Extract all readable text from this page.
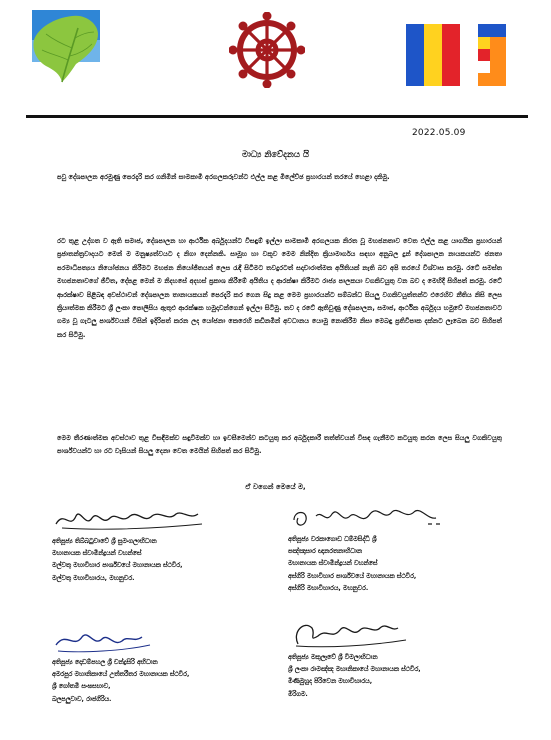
2022.05.09
මාධ්‍ය නිවේදනය යි
පවු දේශපාලන අරමුණු පෙරදැරි කර ගනිමින් සාමකාමී අරගලකරුවන්ට එල්ල කළ මිලේච්ඡ ප්‍රහාරයන් තරයේ හෙළා දකිමු.
රට තුළ උද්ගත ව ඇති සමාජ, දේශපාලන හා ආර්ථික අර්බුදයන්ට විසඳුම් ඉල්ලා සාමකාමී අරගලයක නිරත වූ මහජනතාව වෙත එල්ල කළ යාගයික ප්‍රහාරයන් ප්‍රජාතන්ත්‍රවාදයට මෙන් ම මනුෂ්‍යත්වයට ද නිගා දෙන්නකි. සාමූහ හා වකූව මෙම නින්දිත ක්‍රියාමාර්ගය සඳහා අනුබල දුන් දේශපාලන නායකයන්ට ජනතා පරමාධිපත්‍යය නියෝජනය කිරීමට මහජන නියෝජිතයන් ලෙස රැඳී සිටීමට තවදුරටත් සදාචාරාත්මක අයිතියක් නැති බව අපි තරයේ විශ්වාස කරමු. රටේ සමස්ත මහජනතාවගේ ජීවිත, දේපළ මෙන් ම නිදහසේ අදහස් ප්‍රකාශ කිරීමේ අයිතිය ද ආරක්ෂා කිරීමට රාජ්‍ය පාලකයා වගකිවයුතු වන බව ද මෙහිදී සිහිපත් කරමු. රටේ ආරක්ෂාව පිළිබඳ අවස්ථාවන් දේශපාලන තානායකයන් පෙරදැරි කර ගෙන සිදු කළ මෙම ප්‍රහාරයන්ට සම්බන්ධ සියලු වගකිවයුත්තන්ට එරෙහිව නීතිය නිසි ලෙස ක්‍රියාත්මක කිරීමට ශ්‍රී ලංකා පොලිසිය ඇතුළු ආරක්ෂක හමුදාවන්ගෙන් ඉල්ලා සිටිමු. තව ද රටේ ඇතිවුණු දේශපාලන, සමාජ, ආර්ථික අර්බුදය හමුවේ මහජනතාවට ගම්‍ය වූ ගැටලු පාර්ශ්වයන් විසින් ඉදිරිපත් කරන ලද යෝජනා කෙරෙහි කඩිනමින් අවධානය යොමු නොකිරීම නිසා මෙබඳු ප්‍රතිවිපාක දක්නට ලැබෙන බව සිහිපත් කර සිටිමු.
මෙම තීරණාත්මක අවස්ථාව තුළ විසඳීමක්ව සඳුවීමක්ව හා ඉවසීමෙන්ව කටයුතු කර අර්බුදකාරී තත්ත්වයන් විසඳ ගැනීමට කටයුතු කරන ලෙස සියලු වගකිවයුතු පාර්ශ්වයන්ට හා රට වැසියන් සියලු දෙනා වෙත මෙයින් සිහිපත් කර සිටිමු.
ඒ වගෙන් මෙයේ ම,
අතිපූජ්‍ය තිබ්බටුවාවේ ශ්‍රී සුමංගලාභිධාන
මහානායක ස්වාමීන්ද්‍රයන් වහන්සේ
මල්වතු මහාවිහාර පාර්ශ්වයේ මහානායක ස්ථවිර,
මල්වතු මහාවිහාරය, මහනුවර.
අතිපූජ්‍ය වරකාගොඩ ධම්මසිද්ධි ශ්‍රී
පඤ්ඤාසාර ඥානරතනාභිධාන
මහානායක ස්වාමීන්ද්‍රයන් වහන්සේ
අස්ගිරි මහාවිහාර පාර්ශ්වයේ මහානායක ස්ථවිර,
අස්ගිරි මහාවිහාරය, මහනුවර.
අතිපූජ්‍ය දොඩම්පහල ශ්‍රී චන්ද්‍රසිරි අභිධාන
අමරපුර මහානිකායේ උත්තරීතර මහානායක ස්ථවිර,
ශ්‍රී ගෝතමී සංඝසභාව,
බලපලුවාව, රාජගිරිය.
අතිපූජ්‍ය මකුලෑවේ ශ්‍රී විමලාභිධාන
ශ්‍රී ලංකා රාමඤ්ඤ මහානිකායේ මහානායක ස්ථවිර,
මිණිමුහුද පිරිවෙන මහාවිහාරය,
මිරිගම.
